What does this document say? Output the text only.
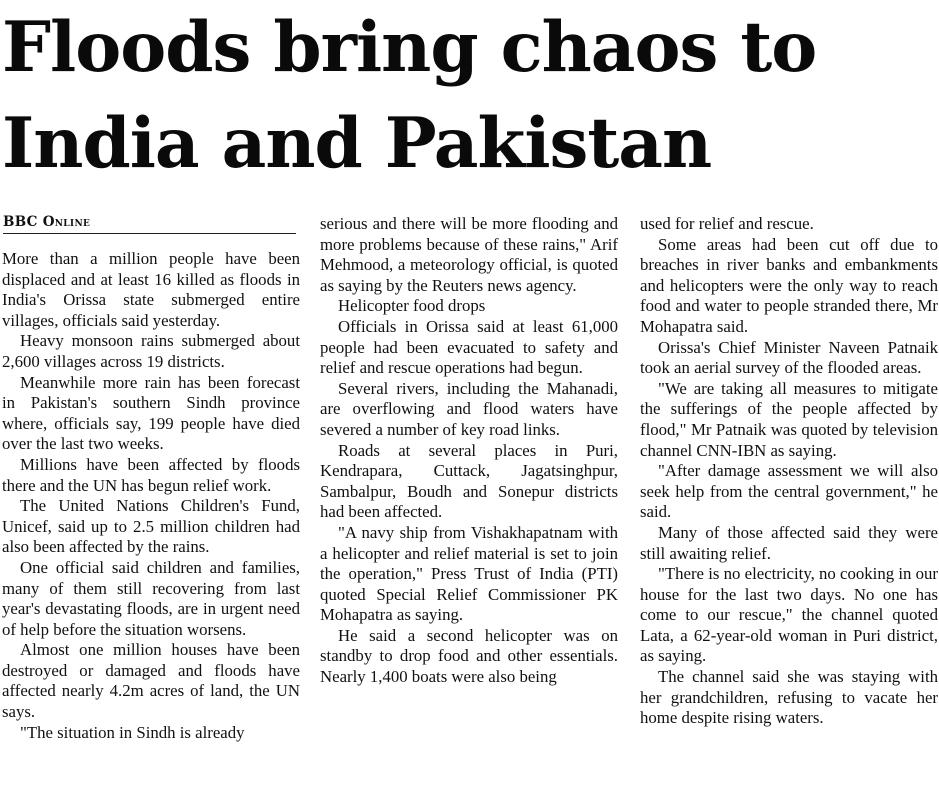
Floods bring chaos to
India and Pakistan
BBC Online

More than a million people have been displaced and at least 16 killed as floods in India's Orissa state submerged entire villages, officials said yesterday.

Heavy monsoon rains submerged about 2,600 villages across 19 districts.

Meanwhile more rain has been forecast in Pakistan's southern Sindh province where, officials say, 199 people have died over the last two weeks.

Millions have been affected by floods there and the UN has begun relief work.

The United Nations Children's Fund, Unicef, said up to 2.5 million children had also been affected by the rains.

One official said children and families, many of them still recovering from last year's devastating floods, are in urgent need of help before the situation worsens.

Almost one million houses have been destroyed or damaged and floods have affected nearly 4.2m acres of land, the UN says.

"The situation in Sindh is already

serious and there will be more flooding and more problems because of these rains," Arif Mehmood, a meteorology official, is quoted as saying by the Reuters news agency.

Helicopter food drops

Officials in Orissa said at least 61,000 people had been evacuated to safety and relief and rescue operations had begun.

Several rivers, including the Mahanadi, are overflowing and flood waters have severed a number of key road links.

Roads at several places in Puri, Kendrapara, Cuttack, Jagatsinghpur, Sambalpur, Boudh and Sonepur districts had been affected.

"A navy ship from Vishakhapatnam with a helicopter and relief material is set to join the operation," Press Trust of India (PTI) quoted Special Relief Commissioner PK Mohapatra as saying.

He said a second helicopter was on standby to drop food and other essentials. Nearly 1,400 boats were also being

used for relief and rescue.

Some areas had been cut off due to breaches in river banks and embankments and helicopters were the only way to reach food and water to people stranded there, Mr Mohapatra said.

Orissa's Chief Minister Naveen Patnaik took an aerial survey of the flooded areas.

"We are taking all measures to mitigate the sufferings of the people affected by flood," Mr Patnaik was quoted by television channel CNN-IBN as saying.

"After damage assessment we will also seek help from the central government," he said.

Many of those affected said they were still awaiting relief.

"There is no electricity, no cooking in our house for the last two days. No one has come to our rescue," the channel quoted Lata, a 62-year-old woman in Puri district, as saying.

The channel said she was staying with her grandchildren, refusing to vacate her home despite rising waters.
